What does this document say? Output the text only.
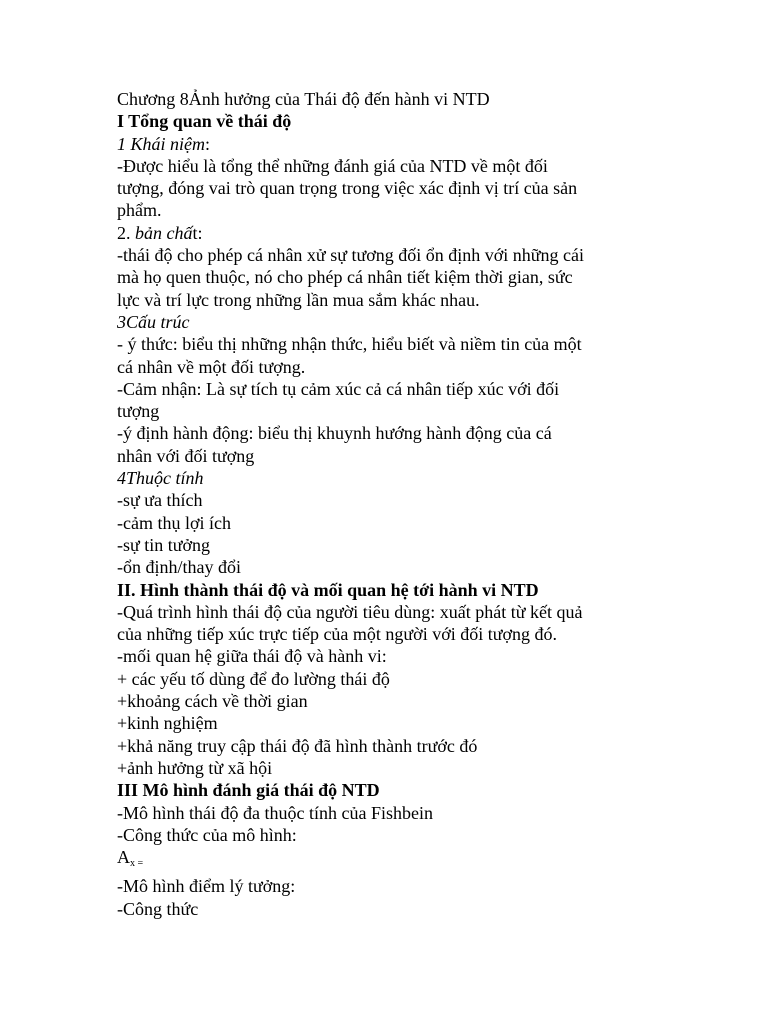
Chương 8Ảnh hưởng của Thái độ đến hành vi NTD
I Tổng quan về thái độ
1 Khái niệm:
-Được hiểu là tổng thể những đánh giá của NTD về một đối
tượng, đóng vai trò quan trọng trong việc xác định vị trí của sản
phẩm.
2. bản chất:
-thái độ cho phép cá nhân xử sự tương đối ổn định với những cái
mà họ quen thuộc, nó cho phép cá nhân tiết kiệm thời gian, sức
lực và trí lực trong những lần mua sắm khác nhau.
3Cấu trúc
- ý thức: biểu thị những nhận thức, hiểu biết và niềm tin của một
cá nhân về một đối tượng.
-Cảm nhận: Là sự tích tụ cảm xúc cả cá nhân tiếp xúc với đối
tượng
-ý định hành động: biểu thị khuynh hướng hành động của cá
nhân với đối tượng
4Thuộc tính
-sự ưa thích
-cảm thụ lợi ích
-sự tin tưởng
-ổn định/thay đổi
II. Hình thành thái độ và mối quan hệ tới hành vi NTD
-Quá trình hình thái độ của người tiêu dùng: xuất phát từ kết quả
của những tiếp xúc trực tiếp của một người với đối tượng đó.
-mối quan hệ giữa thái độ và hành vi:
+ các yếu tố dùng để đo lường thái độ
+khoảng cách về thời gian
+kinh nghiệm
+khả năng truy cập thái độ đã hình thành trước đó
+ảnh hưởng từ xã hội
III Mô hình đánh giá thái độ NTD
-Mô hình thái độ đa thuộc tính của Fishbein
-Công thức của mô hình:
$A_{x =}$
-Mô hình điểm lý tưởng:
-Công thức
